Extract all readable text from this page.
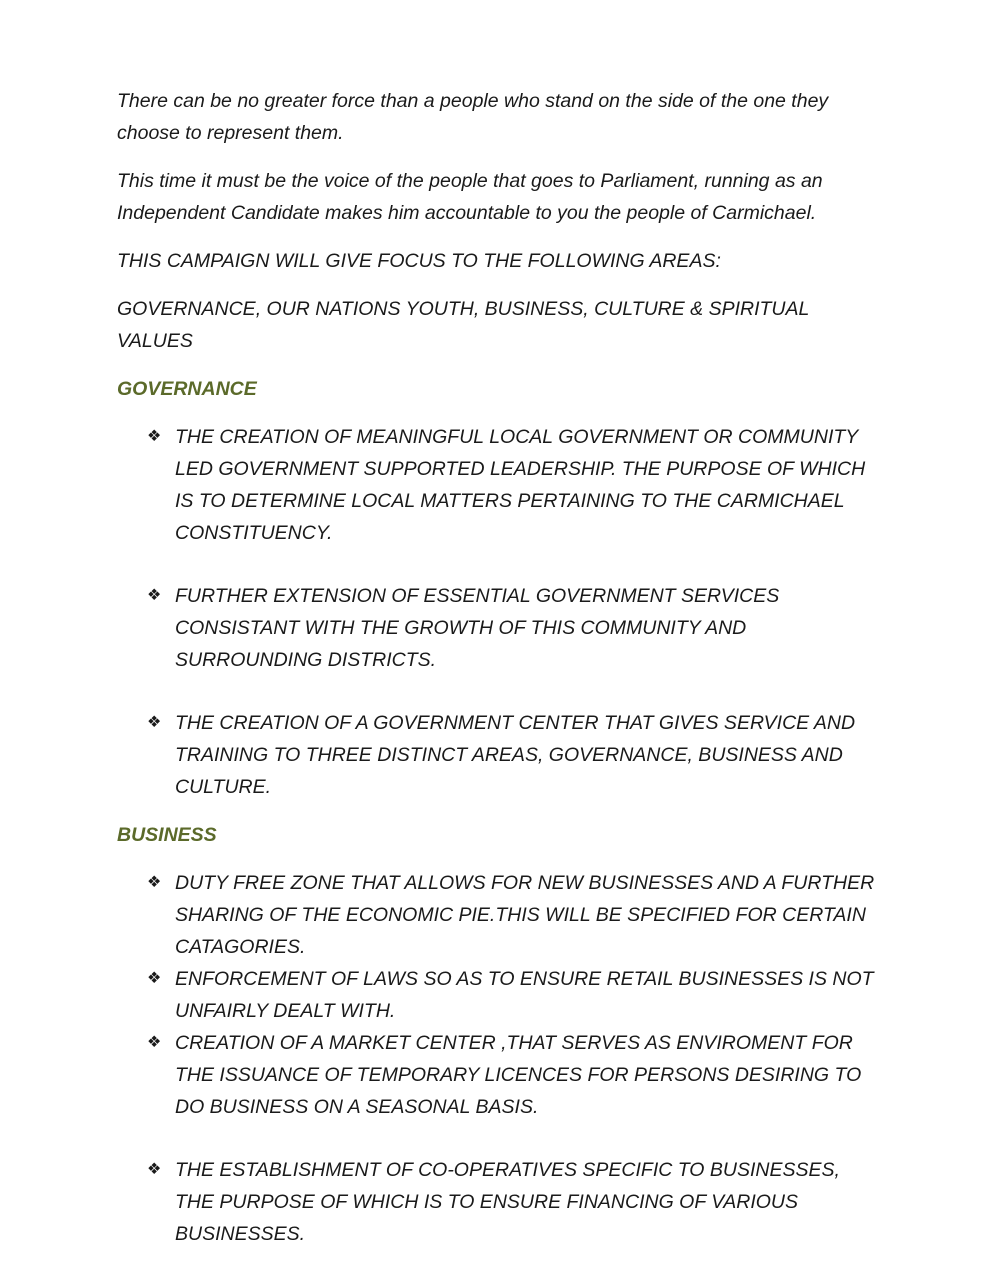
There can be no greater force than a people who stand on the side of the one they choose to represent them.

This time it must be the voice of the people that goes to Parliament, running as an Independent Candidate makes him accountable to you the people of Carmichael.

THIS CAMPAIGN WILL GIVE FOCUS TO THE FOLLOWING AREAS:

GOVERNANCE, OUR NATIONS YOUTH, BUSINESS, CULTURE & SPIRITUAL VALUES

GOVERNANCE

❖ THE CREATION OF MEANINGFUL LOCAL GOVERNMENT OR COMMUNITY LED GOVERNMENT SUPPORTED LEADERSHIP. THE PURPOSE OF WHICH IS TO DETERMINE LOCAL MATTERS PERTAINING TO THE CARMICHAEL CONSTITUENCY.
❖ FURTHER EXTENSION OF ESSENTIAL GOVERNMENT SERVICES CONSISTANT WITH THE GROWTH OF THIS COMMUNITY AND SURROUNDING DISTRICTS.
❖ THE CREATION OF A GOVERNMENT CENTER THAT GIVES SERVICE AND TRAINING TO THREE DISTINCT AREAS, GOVERNANCE, BUSINESS AND CULTURE.

BUSINESS

❖ DUTY FREE ZONE THAT ALLOWS FOR NEW BUSINESSES AND A FURTHER SHARING OF THE ECONOMIC PIE.THIS WILL BE SPECIFIED FOR CERTAIN CATAGORIES.
❖ ENFORCEMENT OF LAWS SO AS TO ENSURE RETAIL BUSINESSES IS NOT UNFAIRLY DEALT WITH.
❖ CREATION OF A MARKET CENTER ,THAT SERVES AS ENVIROMENT FOR THE ISSUANCE OF TEMPORARY LICENCES FOR PERSONS DESIRING TO DO BUSINESS ON A SEASONAL BASIS.
❖ THE ESTABLISHMENT OF CO-OPERATIVES SPECIFIC TO BUSINESSES, THE PURPOSE OF WHICH IS TO ENSURE FINANCING OF VARIOUS BUSINESSES.
